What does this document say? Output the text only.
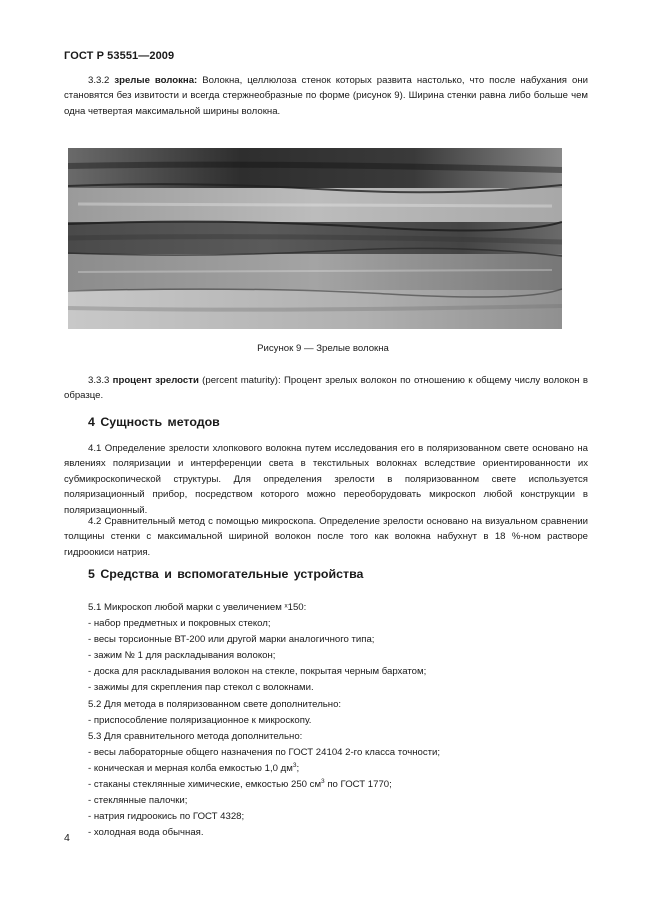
ГОСТ Р 53551—2009
3.3.2 зрелые волокна: Волокна, целлюлоза стенок которых развита настолько, что после набухания они становятся без извитости и всегда стержнеобразные по форме (рисунок 9). Ширина стенки равна либо больше чем одна четвертая максимальной ширины волокна.
Рисунок 9 — Зрелые волокна
3.3.3 процент зрелости (percent maturity): Процент зрелых волокон по отношению к общему числу волокон в образце.
4 Сущность методов
4.1 Определение зрелости хлопкового волокна путем исследования его в поляризованном свете основано на явлениях поляризации и интерференции света в текстильных волокнах вследствие ориентированности их субмикроскопической структуры. Для определения зрелости в поляризованном свете используется поляризационный прибор, посредством которого можно переоборудовать микроскоп любой конструкции в поляризационный.
4.2 Сравнительный метод с помощью микроскопа. Определение зрелости основано на визуальном сравнении толщины стенки с максимальной шириной волокон после того как волокна набухнут в 18 %-ном растворе гидроокиси натрия.
5 Средства и вспомогательные устройства
5.1 Микроскоп любой марки с увеличением ˣ150:
- набор предметных и покровных стекол;
- весы торсионные ВТ-200 или другой марки аналогичного типа;
- зажим № 1 для раскладывания волокон;
- доска для раскладывания волокон на стекле, покрытая черным бархатом;
- зажимы для скрепления пар стекол с волокнами.
5.2 Для метода в поляризованном свете дополнительно:
- приспособление поляризационное к микроскопу.
5.3 Для сравнительного метода дополнительно:
- весы лабораторные общего назначения по ГОСТ 24104 2-го класса точности;
- коническая и мерная колба емкостью 1,0 $дм^3$;
- стаканы стеклянные химические, емкостью 250 $см^3$ по ГОСТ 1770;
- стеклянные палочки;
- натрия гидроокись по ГОСТ 4328;
- холодная вода обычная.
4
